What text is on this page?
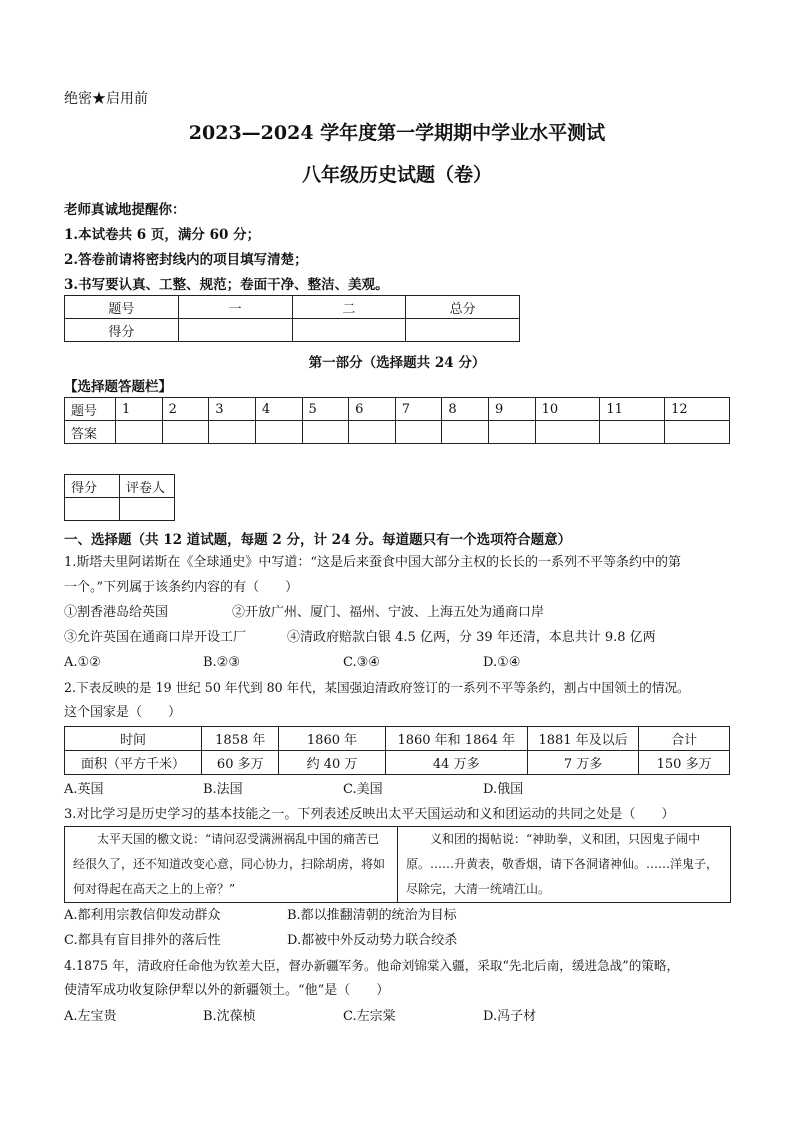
绝密★启用前
2023—2024 学年度第一学期期中学业水平测试
八年级历史试题（卷）
老师真诚地提醒你：
1.本试卷共 6 页，满分 60 分；
2.答卷前请将密封线内的项目填写清楚；
3.书写要认真、工整、规范；卷面干净、整洁、美观。
题号	一	二	总分
得分			
第一部分（选择题共 24 分）
【选择题答题栏】
题号	1	2	3	4	5	6	7	8	9	10	11	12
答案												
得分	评卷人

一、选择题（共 12 道试题，每题 2 分，计 24 分。每道题只有一个选项符合题意）
1.斯塔夫里阿诺斯在《全球通史》中写道：“这是后来蚕食中国大部分主权的长长的一系列不平等条约中的第
一个。”下列属于该条约内容的有（　　）
①割香港岛给英国	②开放广州、厦门、福州、宁波、上海五处为通商口岸
③允许英国在通商口岸开设工厂	④清政府赔款白银 4.5 亿两，分 39 年还清，本息共计 9.8 亿两
A.①②	B.②③	C.③④	D.①④
2.下表反映的是 19 世纪 50 年代到 80 年代，某国强迫清政府签订的一系列不平等条约，割占中国领土的情况。
这个国家是（　　）
时间	1858 年	1860 年	1860 年和 1864 年	1881 年及以后	合计
面积（平方千米）	60 多万	约 40 万	44 万多	7 万多	150 多万
A.英国	B.法国	C.美国	D.俄国
3.对比学习是历史学习的基本技能之一。下列表述反映出太平天国运动和义和团运动的共同之处是（　　）
太平天国的檄文说：“请问忍受满洲祸乱中国的痛苦已经很久了，还不知道改变心意，同心协力，扫除胡虏，将如何对得起在高天之上的上帝？”	义和团的揭帖说：“神助拳，义和团，只因鬼子闹中原。……升黄表，敬香烟，请下各洞诸神仙。……洋鬼子，尽除完，大清一统靖江山。
A.都利用宗教信仰发动群众	B.都以推翻清朝的统治为目标
C.都具有盲目排外的落后性	D.都被中外反动势力联合绞杀
4.1875 年，清政府任命他为钦差大臣，督办新疆军务。他命刘锦棠入疆，采取“先北后南，缓进急战”的策略，
使清军成功收复除伊犁以外的新疆领土。“他”是（　　）
A.左宝贵	B.沈葆桢	C.左宗棠	D.冯子材
